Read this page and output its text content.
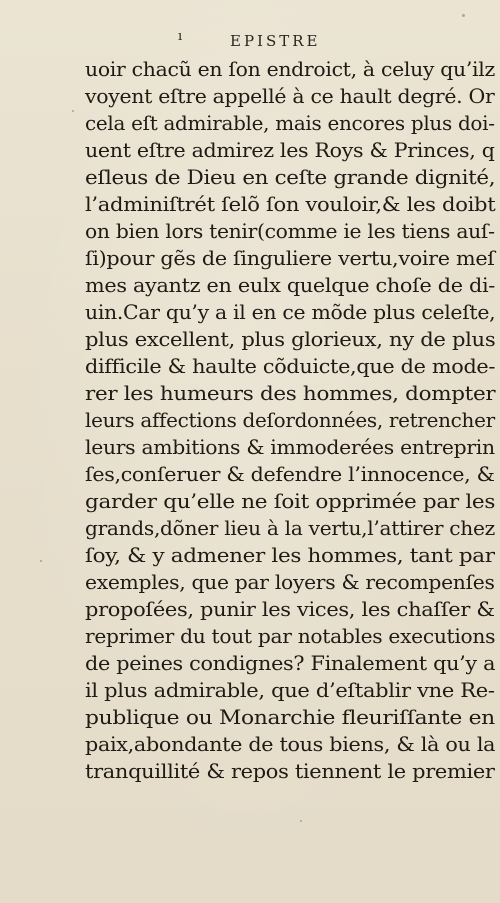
ı	EPISTRE
uoir chacũ en ſon endroict, à celuy qu’ilz
voyent eſtre appellé à ce hault degré. Or
cela eſt admirable, mais encores plus doi-
uent eſtre admirez les Roys & Princes, q
eſleus de Dieu en ceſte grande dignité,
l’adminiſtrét ſelõ ſon vouloir,& les doibt
on bien lors tenir(comme ie les tiens auſ-
ſi)pour gẽs de ſinguliere vertu,voire meſ
mes ayantz en eulx quelque choſe de di-
uin.Car qu’y a il en ce mõde plus celeſte,
plus excellent, plus glorieux, ny de plus
difficile & haulte cõduicte,que de mode-
rer les humeurs des hommes, dompter
leurs affections deſordonnées, retrencher
leurs ambitions & immoderées entreprin
ſes,conſeruer & defendre l’innocence, &
garder qu’elle ne ſoit opprimée par les
grands,dõner lieu à la vertu,l’attirer chez
ſoy, & y admener les hommes, tant par
exemples, que par loyers & recompenſes
propoſées, punir les vices, les chaſſer &
reprimer du tout par notables executions
de peines condignes? Finalement qu’y a
il plus admirable, que d’eſtablir vne Re-
publique ou Monarchie fleuriſſante en
paix,abondante de tous biens, & là ou la
tranquillité & repos tiennent le premier
